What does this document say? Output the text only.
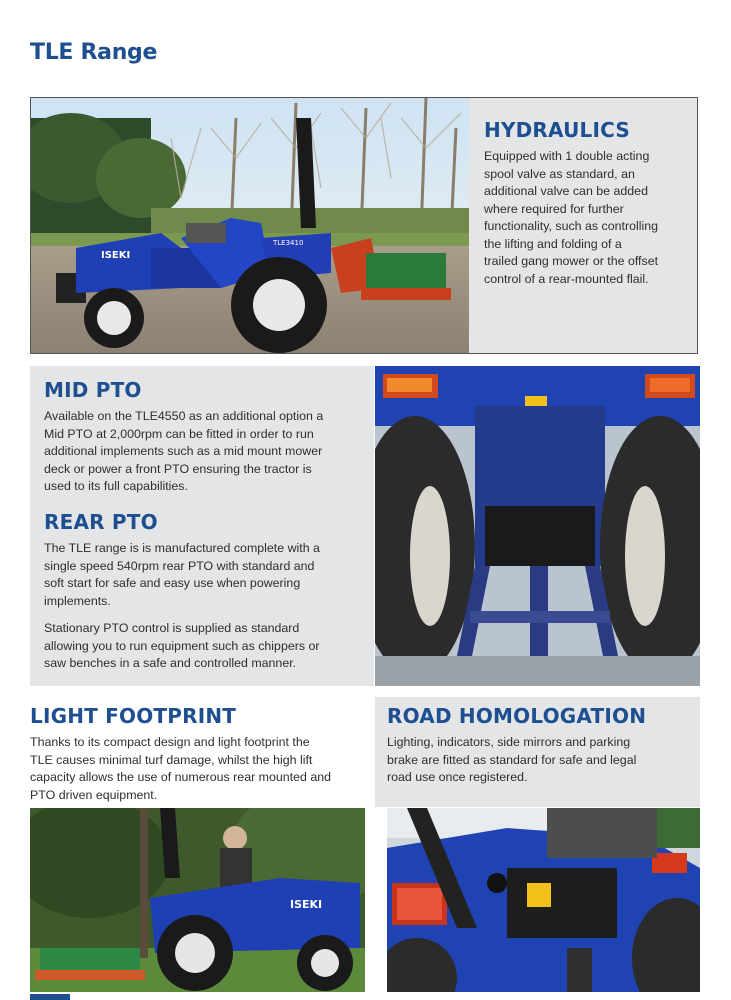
TLE Range
TLE3410
ISEKI
HYDRAULICS

Equipped with 1 double acting

spool valve as standard, an

additional valve can be added

where required for further

functionality, such as controlling

the lifting and folding of a

trailed gang mower or the offset

control of a rear-mounted flail.

MID PTO

Available on the TLE4550 as an additional option a

Mid PTO at 2,000rpm can be fitted in order to run

additional implements such as a mid mount mower

deck or power a front PTO ensuring the tractor is

used to its full capabilities.

REAR PTO

The TLE range is is manufactured complete with a

single speed 540rpm rear PTO with standard and

soft start for safe and easy use when powering

implements.

Stationary PTO control is supplied as standard

allowing you to run equipment such as chippers or

saw benches in a safe and controlled manner.

LIGHT FOOTPRINT

Thanks to its compact design and light footprint the

TLE causes minimal turf damage, whilst the high lift

capacity allows the use of numerous rear mounted and

PTO driven equipment.

ISEKI
ROAD HOMOLOGATION

Lighting, indicators, side mirrors and parking

brake are fitted as standard for safe and legal

road use once registered.
